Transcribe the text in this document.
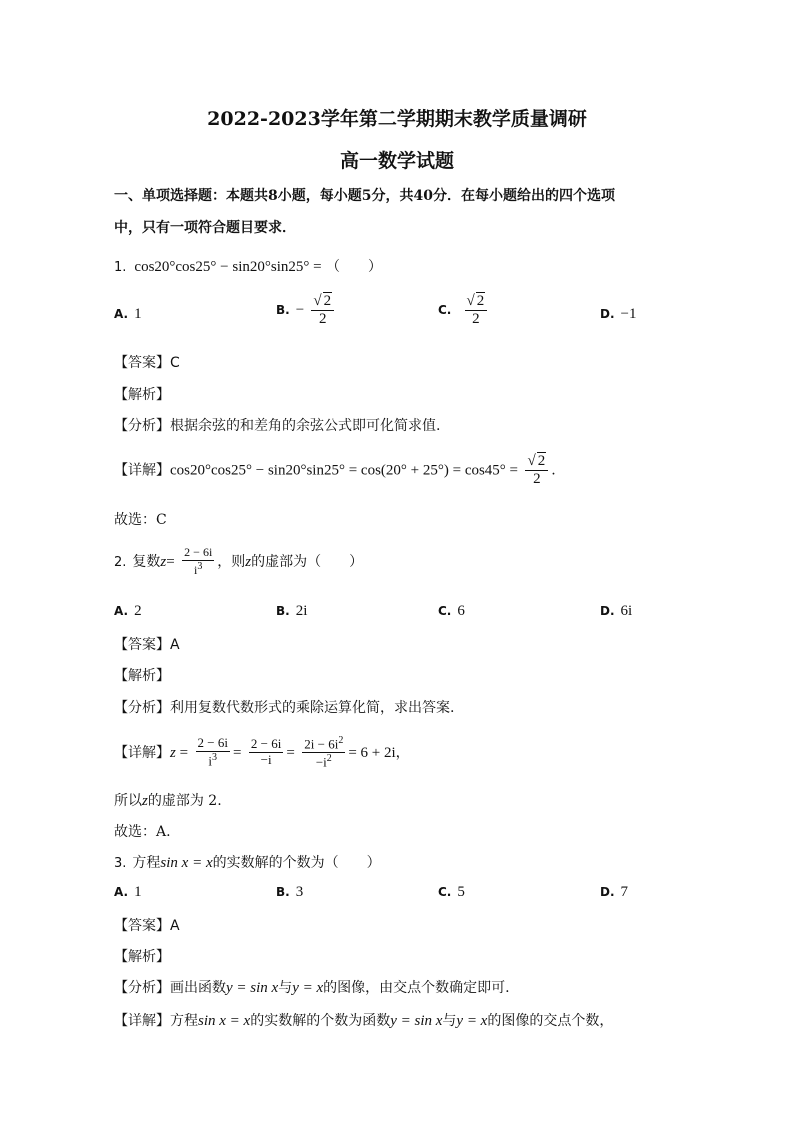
2022-2023学年第二学期期末教学质量调研
高一数学试题
一、单项选择题：本题共8小题，每小题5分，共40分．在每小题给出的四个选项
中，只有一项符合题目要求．
1. cos20°cos25° − sin20°sin25° = （　　）
A. 1	B. − $\frac{√ 2}{2}$	C. $\frac{√ 2}{2}$	D. −1
【答案】C
【解析】
【分析】根据余弦的和差角的余弦公式即可化简求值.
【详解】$\cos 20^\circ\cos 25^\circ - \sin 20^\circ\sin 25^\circ = \cos(20^\circ + 25^\circ) = \cos 45^\circ = \frac{√ 2}{2}$ .
故选：C
2. 复数$z= \frac{2 - 6i}{i^3}$ ，则z的虚部为（　　）
A. 2	B. 2i	C. 6	D. 6i
【答案】A
【解析】
【分析】利用复数代数形式的乘除运算化简，求出答案.
【详解】$z = \frac{2 - 6i}{i^3} = \frac{2 - 6i}{-i} = \frac{2i - 6i^2}{-i^2} = 6 + 2i$，
所以z的虚部为 2.
故选：A.
3. 方程sin x = x的实数解的个数为（　　）
A. 1	B. 3	C. 5	D. 7
【答案】A
【解析】
【分析】画出函数y = sin x与y = x的图像，由交点个数确定即可.
【详解】方程sin x = x的实数解的个数为函数y = sin x与y = x的图像的交点个数，
